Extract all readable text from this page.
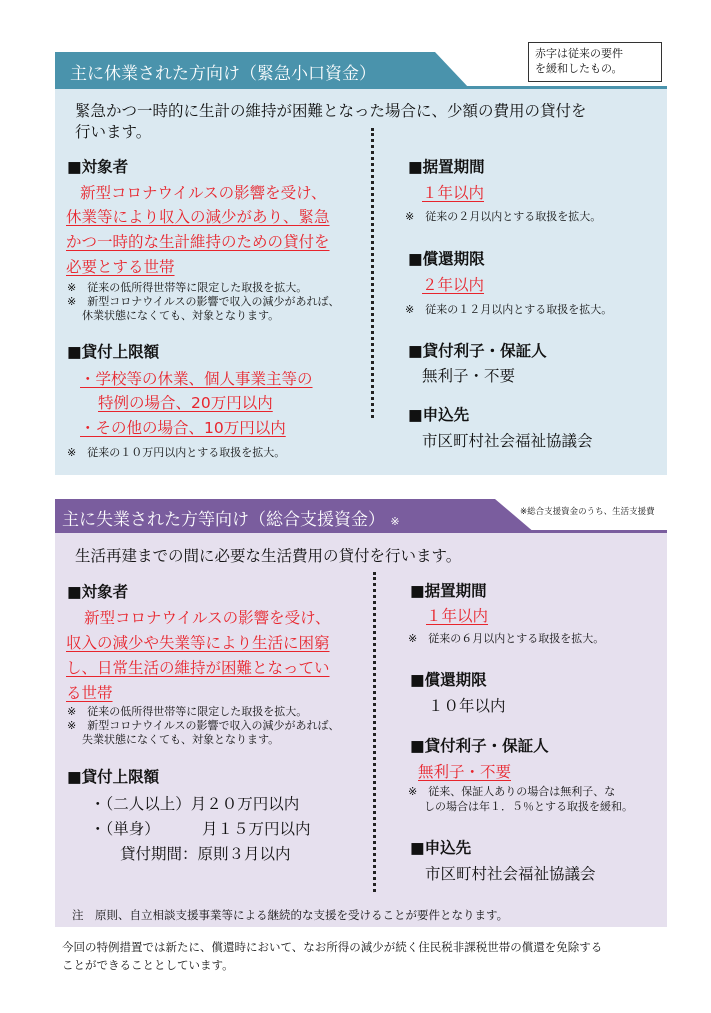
主に休業された方向け（緊急小口資金）
赤字は従来の要件
を緩和したもの。
緊急かつ一時的に生計の維持が困難となった場合に、少額の費用の貸付を
行います。
■対象者
新型コロナウイルスの影響を受け、
休業等により収入の減少があり、緊急
かつ一時的な生計維持のための貸付を
必要とする世帯
※　従来の低所得世帯等に限定した取扱を拡大。
※　新型コロナウイルスの影響で収入の減少があれば、
休業状態になくても、対象となります。
■貸付上限額
・学校等の休業、個人事業主等の
特例の場合、20万円以内
・その他の場合、10万円以内
※　従来の１０万円以内とする取扱を拡大。
■据置期間
１年以内
※　従来の２月以内とする取扱を拡大。
■償還期限
２年以内
※　従来の１２月以内とする取扱を拡大。
■貸付利子・保証人
無利子・不要
■申込先
市区町村社会福祉協議会
主に失業された方等向け（総合支援資金） ※
※総合支援資金のうち、生活支援費
生活再建までの間に必要な生活費用の貸付を行います。
■対象者
新型コロナウイルスの影響を受け、
収入の減少や失業等により生活に困窮
し、日常生活の維持が困難となってい
る世帯
※　従来の低所得世帯等に限定した取扱を拡大。
※　新型コロナウイルスの影響で収入の減少があれば、
失業状態になくても、対象となります。
■貸付上限額
・（二人以上）月２０万円以内
・（単身）	月１５万円以内
貸付期間：原則３月以内
■据置期間
１年以内
※　従来の６月以内とする取扱を拡大。
■償還期限
１０年以内
■貸付利子・保証人
無利子・不要
※　従来、保証人ありの場合は無利子、な
しの場合は年１．５％とする取扱を緩和。
■申込先
市区町村社会福祉協議会
注　原則、自立相談支援事業等による継続的な支援を受けることが要件となります。
今回の特例措置では新たに、償還時において、なお所得の減少が続く住民税非課税世帯の償還を免除する
ことができることとしています。
